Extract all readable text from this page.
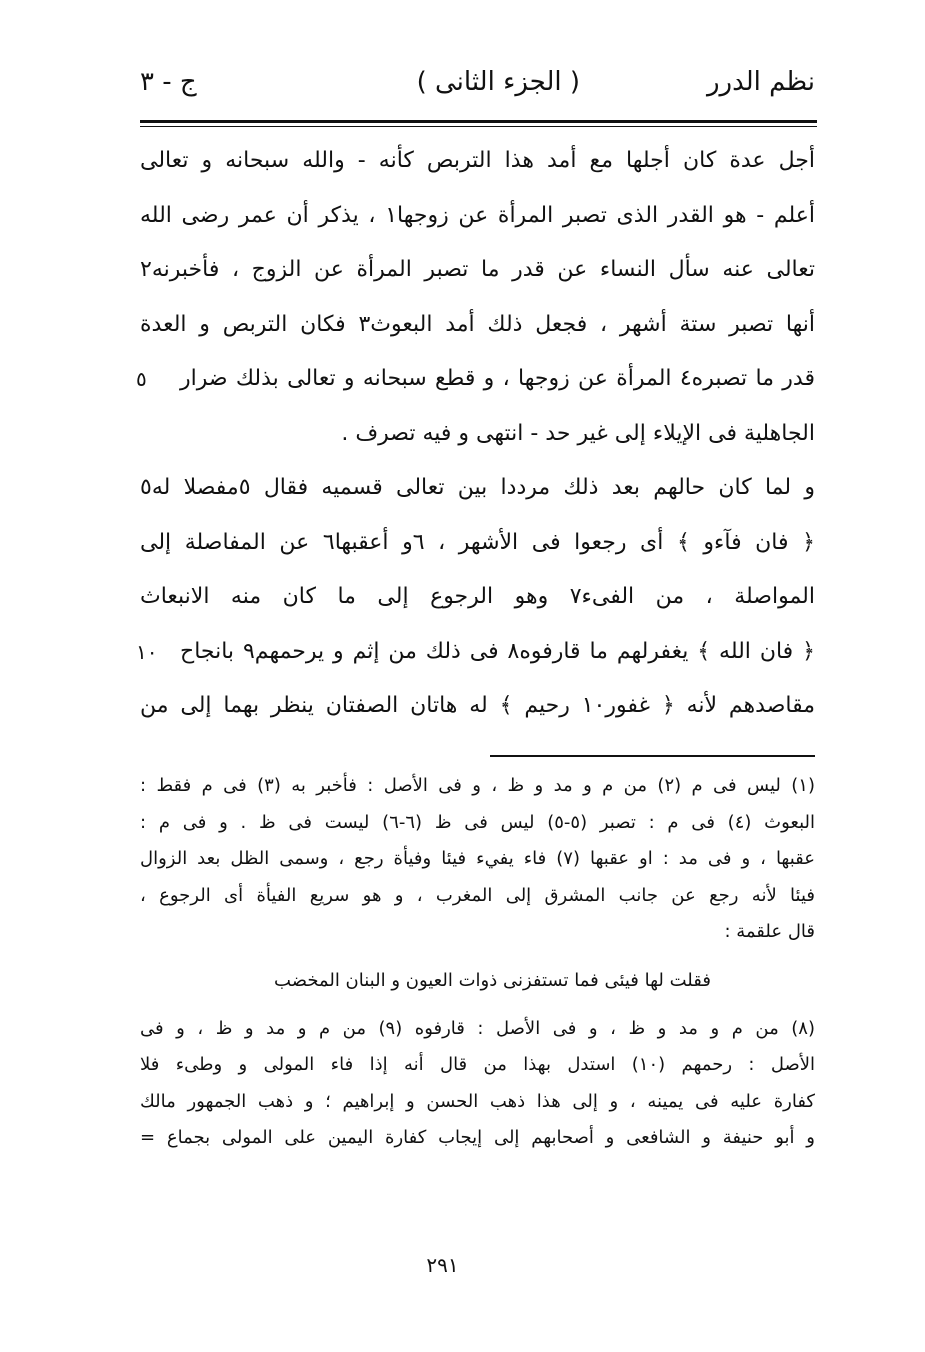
نظم الدرر
( الجزء الثانى )
ج - ٣
أجل عدة كان أجلها مع أمد هذا التربص كأنه - والله سبحانه و تعالى
أعلم - هو القدر الذى تصبر المرأة عن زوجها١ ، يذكر أن عمر رضى الله
تعالى عنه سأل النساء عن قدر ما تصبر المرأة عن الزوج ، فأخبرنه٢
أنها تصبر ستة أشهر ، فجعل ذلك أمد البعوث٣ فكان التربص و العدة
قدر ما تصبره٤ المرأة عن زوجها ، و قطع سبحانه و تعالى بذلك ضرار
٥
الجاهلية فى الإيلاء إلى غير حد - انتهى و فيه تصرف .
و لما كان حالهم بعد ذلك مرددا بين تعالى قسميه فقال ٥مفصلا له٥
﴿ فان فآءو ﴾ أى رجعوا فى الأشهر ، ٦و أعقبها٦ عن المفاصلة إلى
المواصلة ، من الفىء٧ وهو الرجوع إلى ما كان منه الانبعاث
﴿ فان الله ﴾ يغفرلهم ما قارفوه٨ فى ذلك من إثم و يرحمهم٩ بانجاح
١٠
مقاصدهم لأنه ﴿ غفور١٠ رحيم ﴾ له هاتان الصفتان ينظر بهما إلى من
(١) ليس فى م (٢) من م و مد و ظ ، و فى الأصل : فأخبر به (٣) فى م فقط :
البعوث (٤) فى م : تصبر (٥-٥) ليس فى ظ (٦-٦) ليست فى ظ . و فى م :
عقبها ، و فى مد : او عقبها (٧) فاء يفيء فيئا وفيأة رجع ، وسمى الظل بعد الزوال
فيئا لأنه رجع عن جانب المشرق إلى المغرب ، و هو سريع الفيأة أى الرجوع ،
قال علقمة :
فقلت لها فيئى فما تستفزنى ذوات العيون و البنان المخضب
(٨) من م و مد و ظ ، و فى الأصل : قارفوه (٩) من م و مد و ظ ، و فى
الأصل : رحمهم (١٠) استدل بهذا من قال أنه إذا فاء المولى و وطىء فلا
كفارة عليه فى يمينه ، و إلى هذا ذهب الحسن و إبراهيم ؛ و ذهب الجمهور مالك
و أبو حنيفة و الشافعى و أصحابهم إلى إيجاب كفارة اليمين على المولى بجماع =
٢٩١
